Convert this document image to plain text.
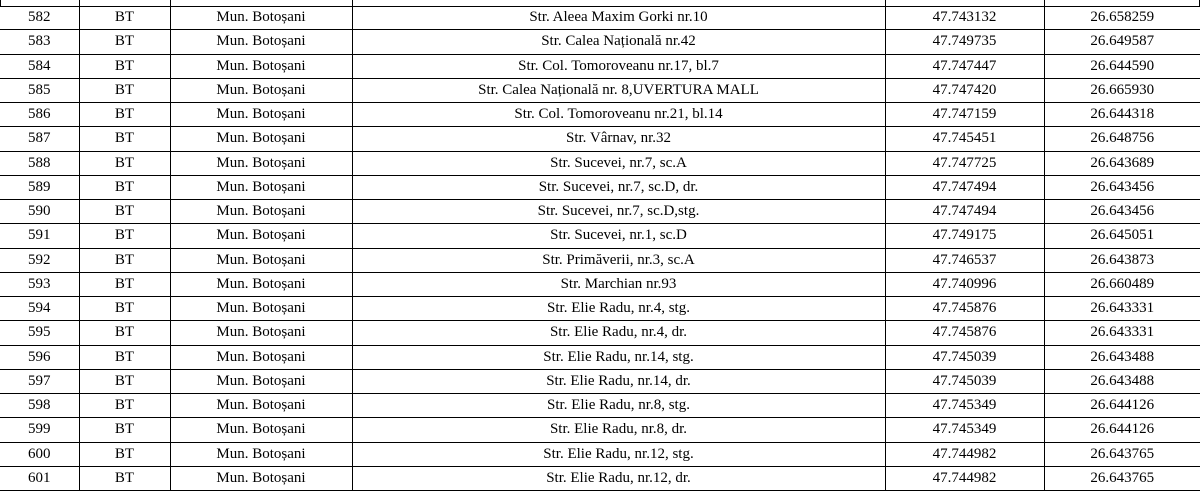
582	BT	Mun. Botoșani	Str. Aleea Maxim Gorki nr.10	47.743132	26.658259
583	BT	Mun. Botoșani	Str. Calea Națională nr.42	47.749735	26.649587
584	BT	Mun. Botoșani	Str. Col. Tomoroveanu nr.17, bl.7	47.747447	26.644590
585	BT	Mun. Botoșani	Str. Calea Națională nr. 8,UVERTURA MALL	47.747420	26.665930
586	BT	Mun. Botoșani	Str. Col. Tomoroveanu nr.21, bl.14	47.747159	26.644318
587	BT	Mun. Botoșani	Str. Vârnav, nr.32	47.745451	26.648756
588	BT	Mun. Botoșani	Str. Sucevei, nr.7, sc.A	47.747725	26.643689
589	BT	Mun. Botoșani	Str. Sucevei, nr.7, sc.D, dr.	47.747494	26.643456
590	BT	Mun. Botoșani	Str. Sucevei, nr.7, sc.D,stg.	47.747494	26.643456
591	BT	Mun. Botoșani	Str. Sucevei, nr.1, sc.D	47.749175	26.645051
592	BT	Mun. Botoșani	Str. Primăverii, nr.3, sc.A	47.746537	26.643873
593	BT	Mun. Botoșani	Str. Marchian nr.93	47.740996	26.660489
594	BT	Mun. Botoșani	Str. Elie Radu, nr.4, stg.	47.745876	26.643331
595	BT	Mun. Botoșani	Str. Elie Radu, nr.4, dr.	47.745876	26.643331
596	BT	Mun. Botoșani	Str. Elie Radu, nr.14, stg.	47.745039	26.643488
597	BT	Mun. Botoșani	Str. Elie Radu, nr.14, dr.	47.745039	26.643488
598	BT	Mun. Botoșani	Str. Elie Radu, nr.8, stg.	47.745349	26.644126
599	BT	Mun. Botoșani	Str. Elie Radu, nr.8, dr.	47.745349	26.644126
600	BT	Mun. Botoșani	Str. Elie Radu, nr.12, stg.	47.744982	26.643765
601	BT	Mun. Botoșani	Str. Elie Radu, nr.12, dr.	47.744982	26.643765
